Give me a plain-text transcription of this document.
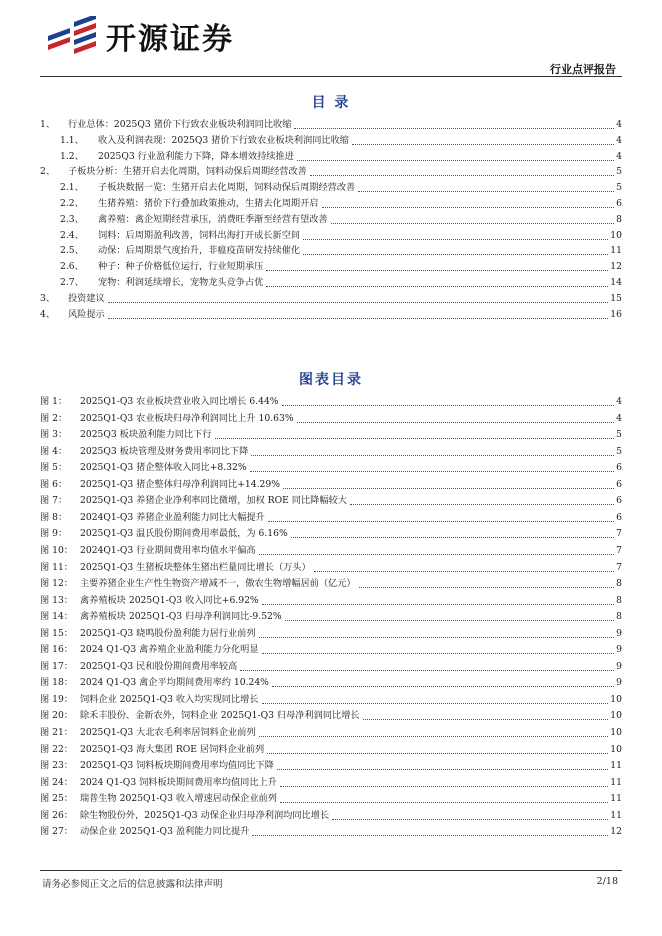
开源证券
行业点评报告
目 录
1、	行业总体：2025Q3 猪价下行致农业板块利润同比收缩	4
1.1、	收入及利润表现：2025Q3 猪价下行致农业板块利润同比收缩	4
1.2、	2025Q3 行业盈利能力下降，降本增效持续推进	4
2、	子板块分析：生猪开启去化周期，饲料动保后周期经营改善	5
2.1、	子板块数据一览：生猪开启去化周期，饲料动保后周期经营改善	5
2.2、	生猪养殖：猪价下行叠加政策推动，生猪去化周期开启	6
2.3、	禽养殖：禽企短期经营承压，消费旺季渐至经营有望改善	8
2.4、	饲料：后周期盈利改善，饲料出海打开成长新空间	10
2.5、	动保：后周期景气度抬升，非瘟疫苗研发持续催化	11
2.6、	种子：种子价格低位运行，行业短期承压	12
2.7、	宠物：利润延续增长，宠物龙头竞争占优	14
3、	投资建议	15
4、	风险提示	16
图表目录
图 1：	2025Q1-Q3 农业板块营业收入同比增长 6.44%	4
图 2：	2025Q1-Q3 农业板块归母净利润同比上升 10.63%	4
图 3：	2025Q3 板块盈利能力同比下行	5
图 4：	2025Q3 板块管理及财务费用率同比下降	5
图 5：	2025Q1-Q3 猪企整体收入同比+8.32%	6
图 6：	2025Q1-Q3 猪企整体归母净利润同比+14.29%	6
图 7：	2025Q1-Q3 养猪企业净利率同比微增，加权 ROE 同比降幅较大	6
图 8：	2024Q1-Q3 养猪企业盈利能力同比大幅提升	6
图 9：	2025Q1-Q3 温氏股份期间费用率最低，为 6.16%	7
图 10： 2024Q1-Q3 行业期间费用率均值水平偏高	7
图 11： 2025Q1-Q3 生猪板块整体生猪出栏量同比增长（万头）	7
图 12： 主要养猪企业生产性生物资产增减不一，傲农生物增幅居前（亿元）	8
图 13： 禽养殖板块 2025Q1-Q3 收入同比+6.92%	8
图 14： 禽养殖板块 2025Q1-Q3 归母净利润同比-9.52%	8
图 15： 2025Q1-Q3 晓鸣股份盈利能力居行业前列	9
图 16： 2024 Q1-Q3 禽养殖企业盈利能力分化明显	9
图 17： 2025Q1-Q3 民和股份期间费用率较高	9
图 18： 2024 Q1-Q3 禽企平均期间费用率约 10.24%	9
图 19： 饲料企业 2025Q1-Q3 收入均实现同比增长	10
图 20： 除禾丰股份、金新农外，饲料企业 2025Q1-Q3 归母净利润同比增长	10
图 21： 2025Q1-Q3 大北农毛利率居饲料企业前列	10
图 22： 2025Q1-Q3 海大集团 ROE 居饲料企业前列	10
图 23： 2025Q1-Q3 饲料板块期间费用率均值同比下降	11
图 24： 2024 Q1-Q3 饲料板块期间费用率均值同比上升	11
图 25： 瑞普生物 2025Q1-Q3 收入增速居动保企业前列	11
图 26： 除生物股份外，2025Q1-Q3 动保企业归母净利润均同比增长	11
图 27： 动保企业 2025Q1-Q3 盈利能力同比提升	12
请务必参阅正文之后的信息披露和法律声明	2/18
